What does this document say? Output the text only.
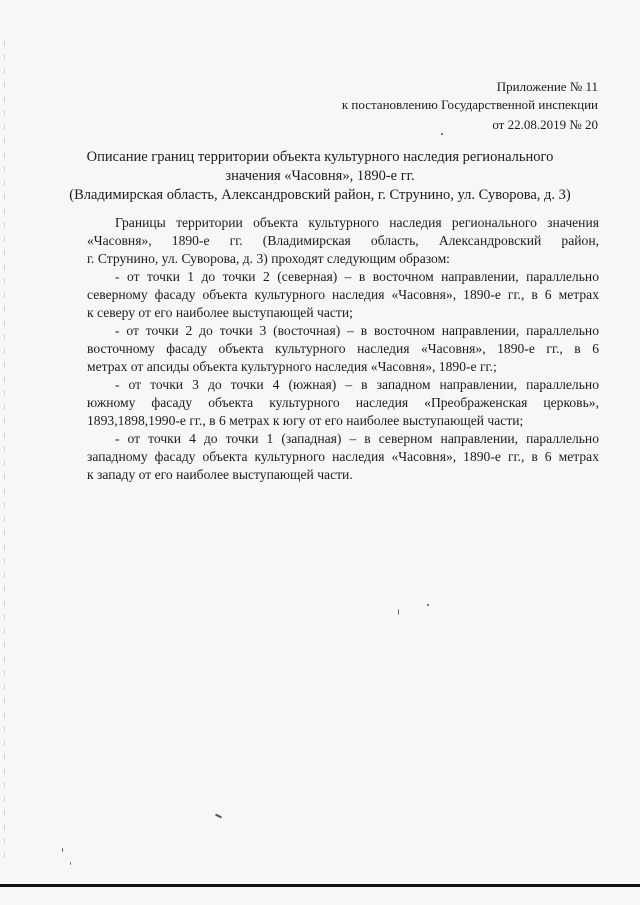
Приложение № 11
к постановлению Государственной инспекции
от 22.08.2019 № 20
Описание границ территории объекта культурного наследия регионального
значения «Часовня», 1890-е гг.
(Владимирская область, Александровский район, г. Струнино, ул. Суворова, д. 3)
Границы территории объекта культурного наследия регионального значения
«Часовня», 1890-е гг. (Владимирская область, Александровский район,
г. Струнино, ул. Суворова, д. 3) проходят следующим образом:
- от точки 1 до точки 2 (северная) – в восточном направлении, параллельно
северному фасаду объекта культурного наследия «Часовня», 1890-е гг., в 6 метрах
к северу от его наиболее выступающей части;
- от точки 2 до точки 3 (восточная) – в восточном направлении, параллельно
восточному фасаду объекта культурного наследия «Часовня», 1890-е гг., в 6
метрах от апсиды объекта культурного наследия «Часовня», 1890-е гг.;
- от точки 3 до точки 4 (южная) – в западном направлении, параллельно
южному фасаду объекта культурного наследия «Преображенская церковь»,
1893,1898,1990-е гг., в 6 метрах к югу от его наиболее выступающей части;
- от точки 4 до точки 1 (западная) – в северном направлении, параллельно
западному фасаду объекта культурного наследия «Часовня», 1890-е гг., в 6 метрах
к западу от его наиболее выступающей части.
